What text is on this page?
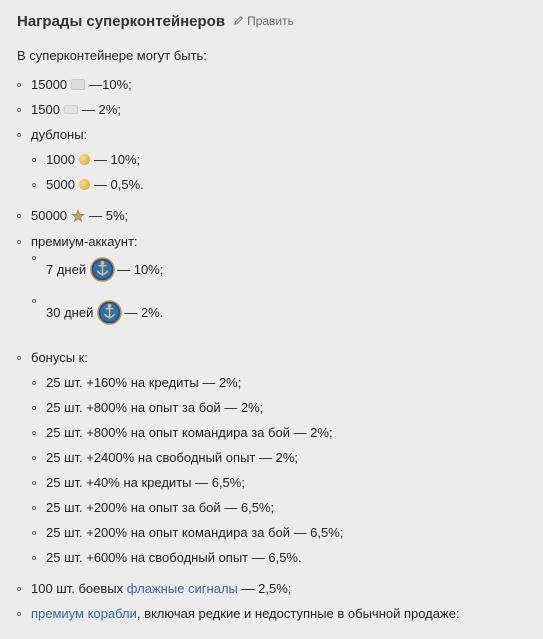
Награды суперконтейнеров Править
В суперконтейнере могут быть:
15000 —10%;
1500 — 2%;
дублоны:
1000 — 10%;
5000 — 0,5%.
50000 — 5%;
премиум-аккаунт:
7 дней — 10%;
30 дней — 2%.
бонусы к:
25 шт. +160% на кредиты — 2%;
25 шт. +800% на опыт за бой — 2%;
25 шт. +800% на опыт командира за бой — 2%;
25 шт. +2400% на свободный опыт — 2%;
25 шт. +40% на кредиты — 6,5%;
25 шт. +200% на опыт за бой — 6,5%;
25 шт. +200% на опыт командира за бой — 6,5%;
25 шт. +600% на свободный опыт — 6,5%.
100 шт. боевых
флажные сигналы
— 2,5%;
премиум корабли , включая редкие и недоступные в обычной продаже:
